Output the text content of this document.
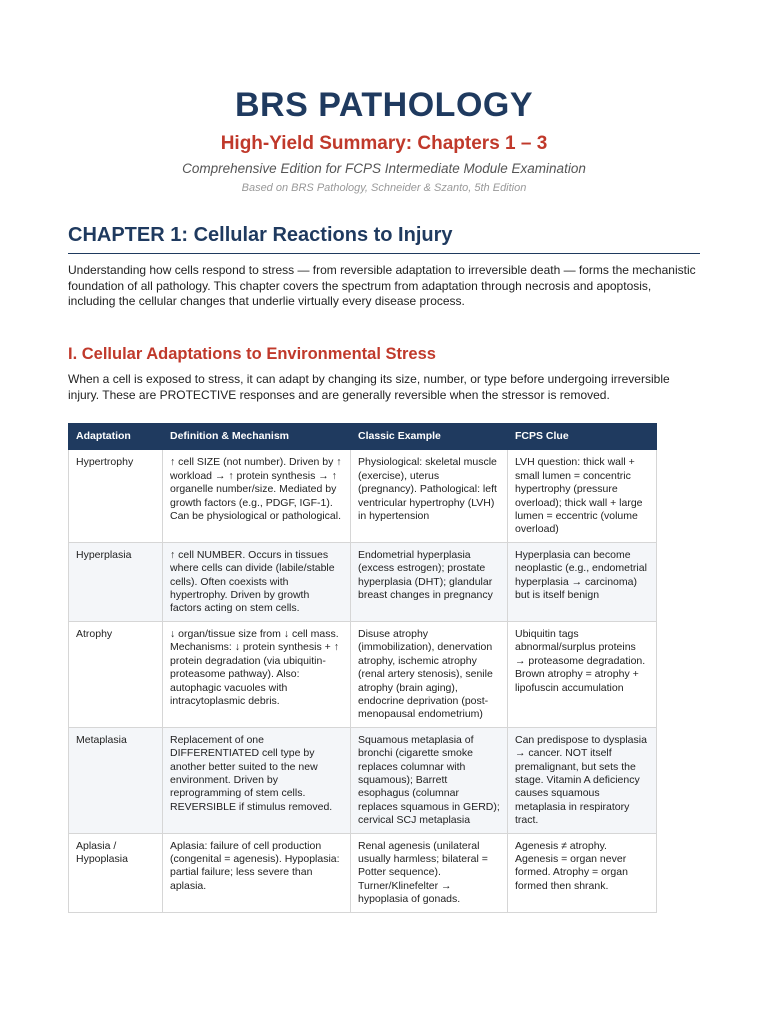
BRS PATHOLOGY
High-Yield Summary: Chapters 1 – 3
Comprehensive Edition for FCPS Intermediate Module Examination
Based on BRS Pathology, Schneider & Szanto, 5th Edition
CHAPTER 1: Cellular Reactions to Injury
Understanding how cells respond to stress — from reversible adaptation to irreversible death — forms the mechanistic foundation of all pathology. This chapter covers the spectrum from adaptation through necrosis and apoptosis, including the cellular changes that underlie virtually every disease process.
I. Cellular Adaptations to Environmental Stress
When a cell is exposed to stress, it can adapt by changing its size, number, or type before undergoing irreversible injury. These are PROTECTIVE responses and are generally reversible when the stressor is removed.
Adaptation	Definition & Mechanism	Classic Example	FCPS Clue
Hypertrophy	↑ cell SIZE (not number). Driven by ↑ workload → ↑ protein synthesis → ↑ organelle number/size. Mediated by growth factors (e.g., PDGF, IGF-1). Can be physiological or pathological.	Physiological: skeletal muscle (exercise), uterus (pregnancy). Pathological: left ventricular hypertrophy (LVH) in hypertension	LVH question: thick wall + small lumen = concentric hypertrophy (pressure overload); thick wall + large lumen = eccentric (volume overload)
Hyperplasia	↑ cell NUMBER. Occurs in tissues where cells can divide (labile/stable cells). Often coexists with hypertrophy. Driven by growth factors acting on stem cells.	Endometrial hyperplasia (excess estrogen); prostate hyperplasia (DHT); glandular breast changes in pregnancy	Hyperplasia can become neoplastic (e.g., endometrial hyperplasia → carcinoma) but is itself benign
Atrophy	↓ organ/tissue size from ↓ cell mass. Mechanisms: ↓ protein synthesis + ↑ protein degradation (via ubiquitin-proteasome pathway). Also: autophagic vacuoles with intracytoplasmic debris.	Disuse atrophy (immobilization), denervation atrophy, ischemic atrophy (renal artery stenosis), senile atrophy (brain aging), endocrine deprivation (post-menopausal endometrium)	Ubiquitin tags abnormal/surplus proteins → proteasome degradation. Brown atrophy = atrophy + lipofuscin accumulation
Metaplasia	Replacement of one DIFFERENTIATED cell type by another better suited to the new environment. Driven by reprogramming of stem cells. REVERSIBLE if stimulus removed.	Squamous metaplasia of bronchi (cigarette smoke replaces columnar with squamous); Barrett esophagus (columnar replaces squamous in GERD); cervical SCJ metaplasia	Can predispose to dysplasia → cancer. NOT itself premalignant, but sets the stage. Vitamin A deficiency causes squamous metaplasia in respiratory tract.
Aplasia / Hypoplasia	Aplasia: failure of cell production (congenital = agenesis). Hypoplasia: partial failure; less severe than aplasia.	Renal agenesis (unilateral usually harmless; bilateral = Potter sequence). Turner/Klinefelter → hypoplasia of gonads.	Agenesis ≠ atrophy. Agenesis = organ never formed. Atrophy = organ formed then shrank.
